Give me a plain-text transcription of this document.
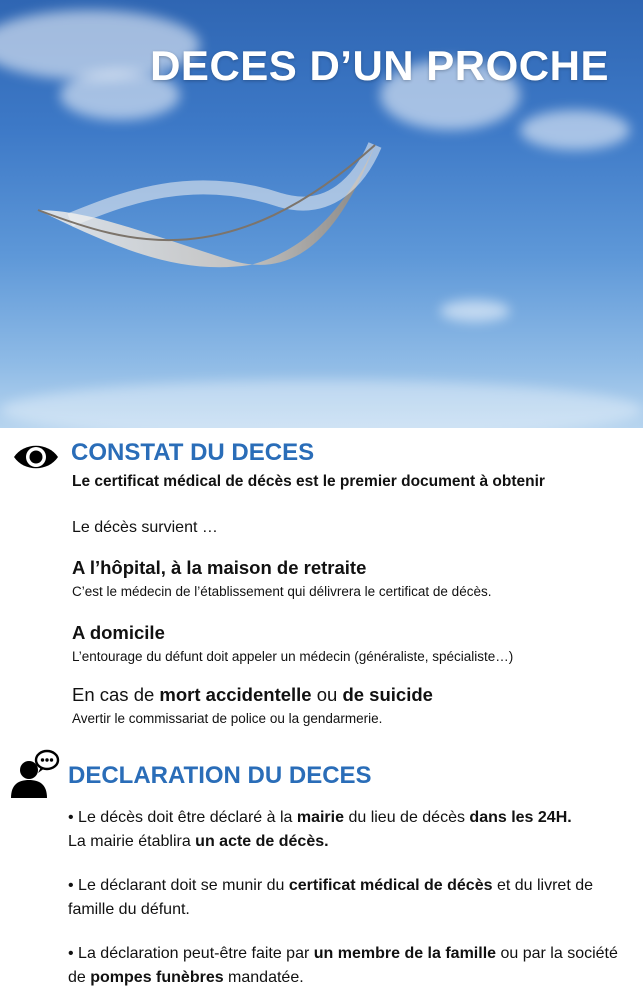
DECES D’UN PROCHE
CONSTAT DU DECES
Le certificat médical de décès est le premier document à obtenir
Le décès survient …
A l’hôpital, à la maison de retraite
C’est le médecin de l’établissement qui délivrera le certificat de décès.
A domicile
L’entourage du défunt doit appeler un médecin (généraliste, spécialiste…)
En cas de mort accidentelle ou de suicide
Avertir le commissariat de police ou la gendarmerie.
DECLARATION DU DECES
• Le décès doit être déclaré à la mairie du lieu de décès dans les 24H.
La mairie établira un acte de décès.
• Le déclarant doit se munir du certificat médical de décès et du livret de famille du défunt.
• La déclaration peut-être faite par un membre de la famille ou par la société de pompes funèbres mandatée.
